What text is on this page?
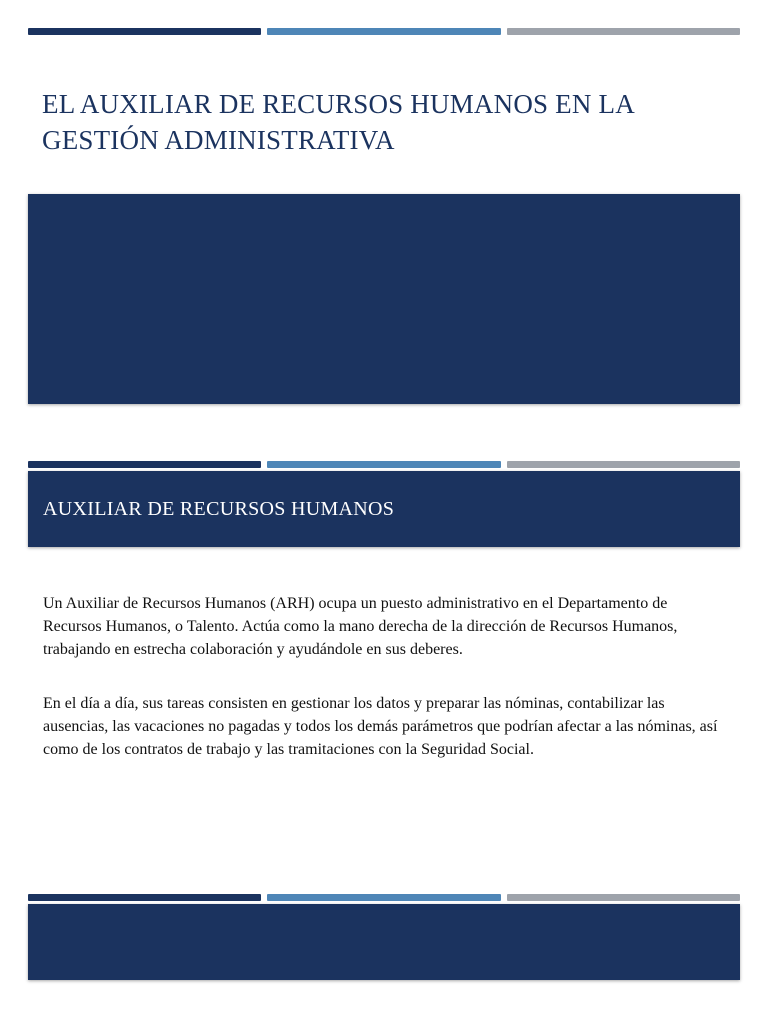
EL AUXILIAR DE RECURSOS HUMANOS EN LA GESTIÓN ADMINISTRATIVA
AUXILIAR DE RECURSOS HUMANOS

Un Auxiliar de Recursos Humanos (ARH) ocupa un puesto administrativo en el Departamento de Recursos Humanos, o Talento. Actúa como la mano derecha de la dirección de Recursos Humanos, trabajando en estrecha colaboración y ayudándole en sus deberes.

En el día a día, sus tareas consisten en gestionar los datos y preparar las nóminas, contabilizar las ausencias, las vacaciones no pagadas y todos los demás parámetros que podrían afectar a las nóminas, así como de los contratos de trabajo y las tramitaciones con la Seguridad Social.
